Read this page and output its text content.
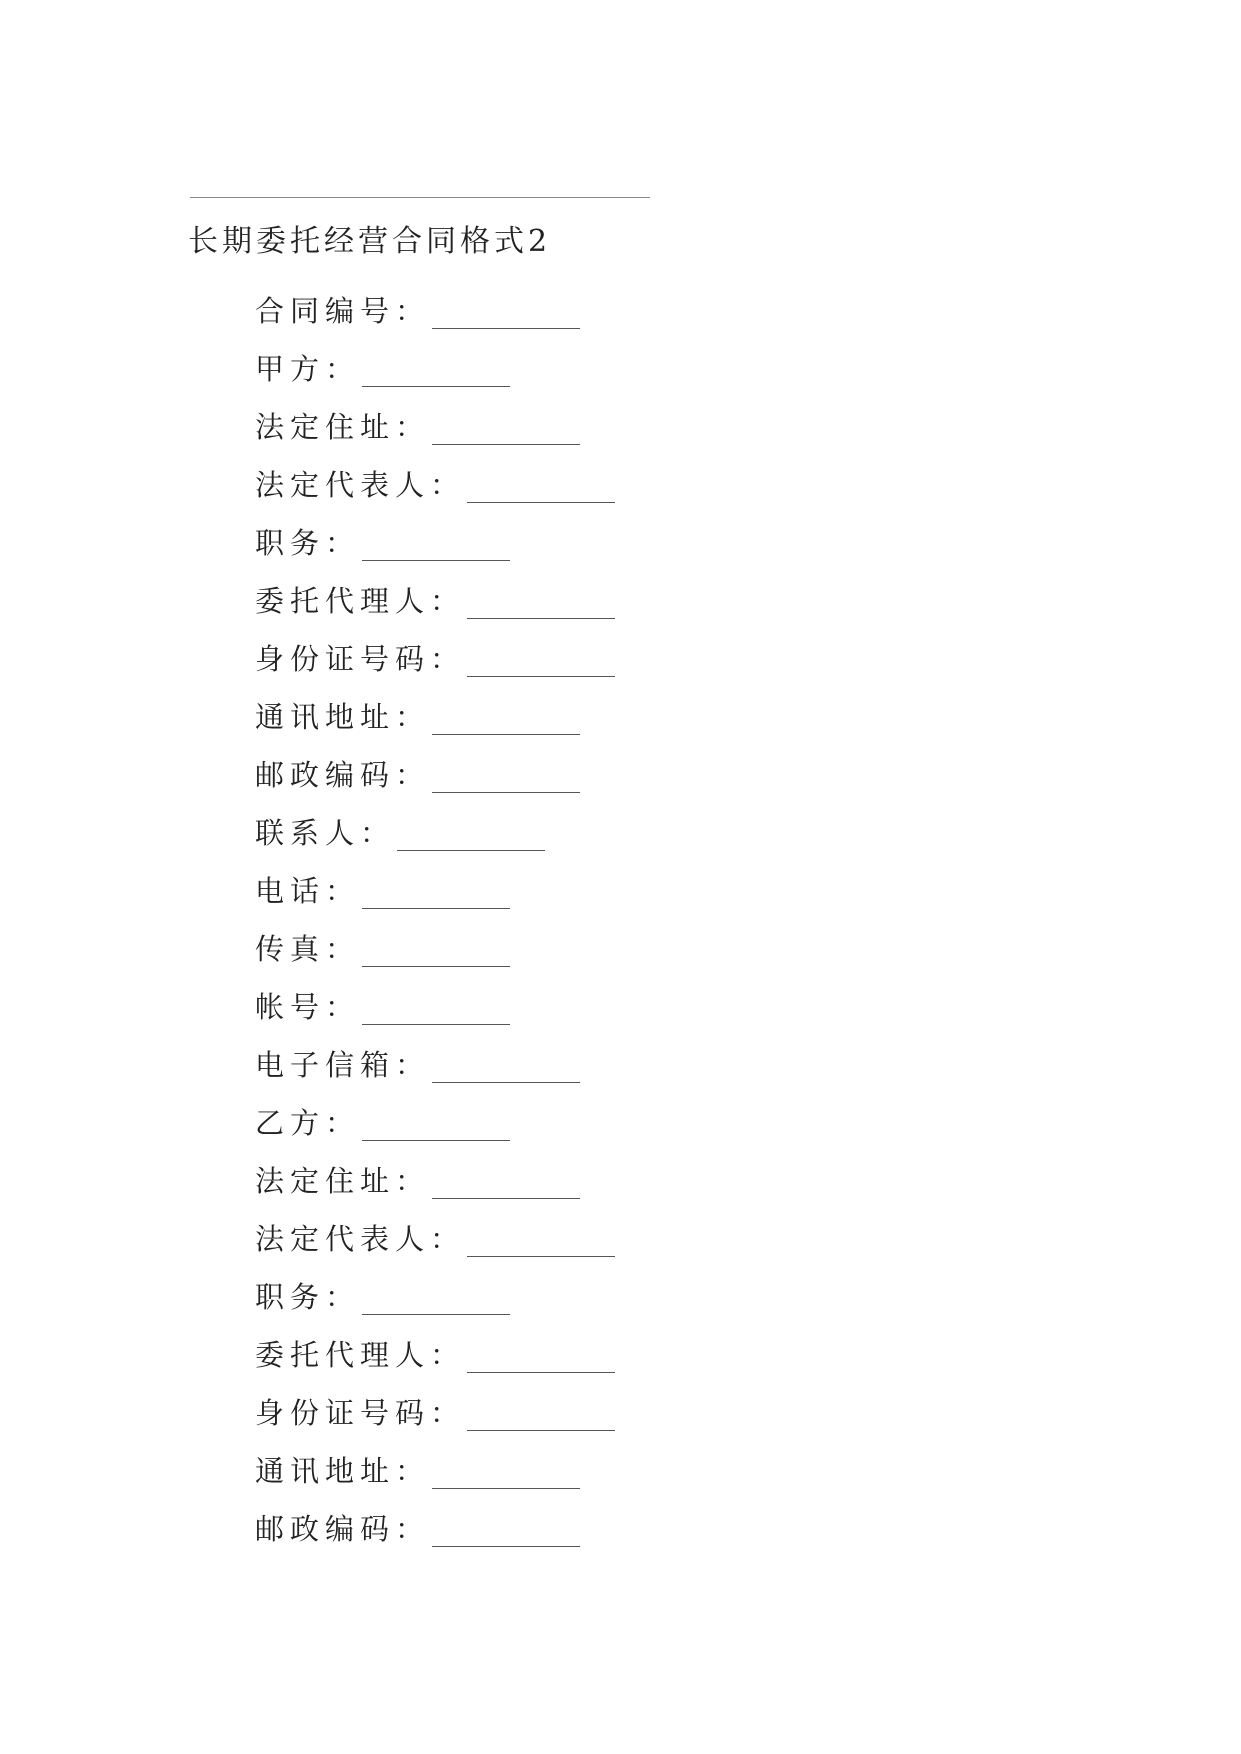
长期委托经营合同格式2
合同编号：
甲方：
法定住址：
法定代表人：
职务：
委托代理人：
身份证号码：
通讯地址：
邮政编码：
联系人：
电话：
传真：
帐号：
电子信箱：
乙方：
法定住址：
法定代表人：
职务：
委托代理人：
身份证号码：
通讯地址：
邮政编码：
